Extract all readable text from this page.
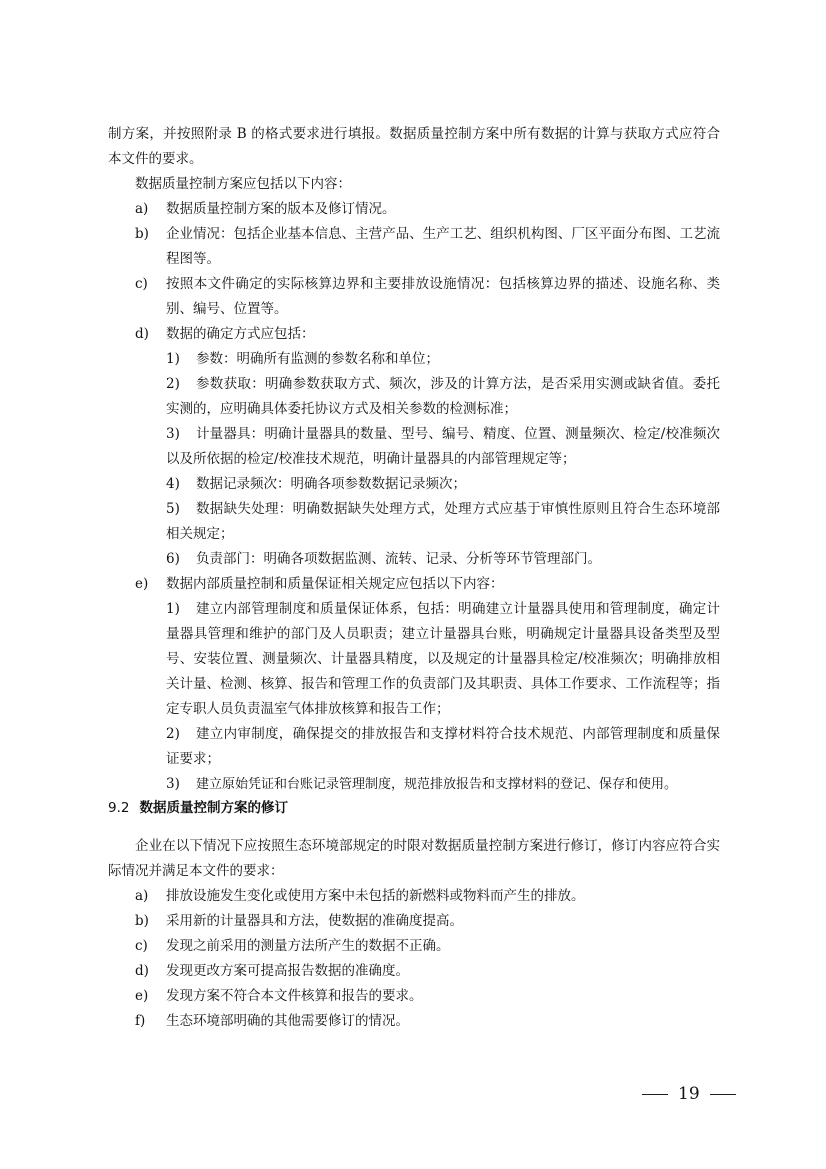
制方案，并按照附录 B 的格式要求进行填报。数据质量控制方案中所有数据的计算与获取方式应符合本文件的要求。
数据质量控制方案应包括以下内容：
a) 数据质量控制方案的版本及修订情况。
b) 企业情况：包括企业基本信息、主营产品、生产工艺、组织机构图、厂区平面分布图、工艺流程图等。
c) 按照本文件确定的实际核算边界和主要排放设施情况：包括核算边界的描述、设施名称、类别、编号、位置等。
d) 数据的确定方式应包括：
1) 参数：明确所有监测的参数名称和单位；
2)	参数获取：明确参数获取方式、频次，涉及的计算方法，是否采用实测或缺省值。委托实测的，应明确具体委托协议方式及相关参数的检测标准；
3)	计量器具：明确计量器具的数量、型号、编号、精度、位置、测量频次、检定/校准频次以及所依据的检定/校准技术规范，明确计量器具的内部管理规定等；
4) 数据记录频次：明确各项参数数据记录频次；
5)	数据缺失处理：明确数据缺失处理方式，处理方式应基于审慎性原则且符合生态环境部相关规定；
6) 负责部门：明确各项数据监测、流转、记录、分析等环节管理部门。
e) 数据内部质量控制和质量保证相关规定应包括以下内容：
1)	建立内部管理制度和质量保证体系，包括：明确建立计量器具使用和管理制度，确定计量器具管理和维护的部门及人员职责；建立计量器具台账，明确规定计量器具设备类型及型号、安装位置、测量频次、计量器具精度，以及规定的计量器具检定/校准频次；明确排放相关计量、检测、核算、报告和管理工作的负责部门及其职责、具体工作要求、工作流程等；指定专职人员负责温室气体排放核算和报告工作；
2)	建立内审制度，确保提交的排放报告和支撑材料符合技术规范、内部管理制度和质量保证要求；
3) 建立原始凭证和台账记录管理制度，规范排放报告和支撑材料的登记、保存和使用。
9.2 数据质量控制方案的修订
企业在以下情况下应按照生态环境部规定的时限对数据质量控制方案进行修订，修订内容应符合实际情况并满足本文件的要求：
a) 排放设施发生变化或使用方案中未包括的新燃料或物料而产生的排放。
b) 采用新的计量器具和方法，使数据的准确度提高。
c) 发现之前采用的测量方法所产生的数据不正确。
d) 发现更改方案可提高报告数据的准确度。
e) 发现方案不符合本文件核算和报告的要求。
f) 生态环境部明确的其他需要修订的情况。
19
